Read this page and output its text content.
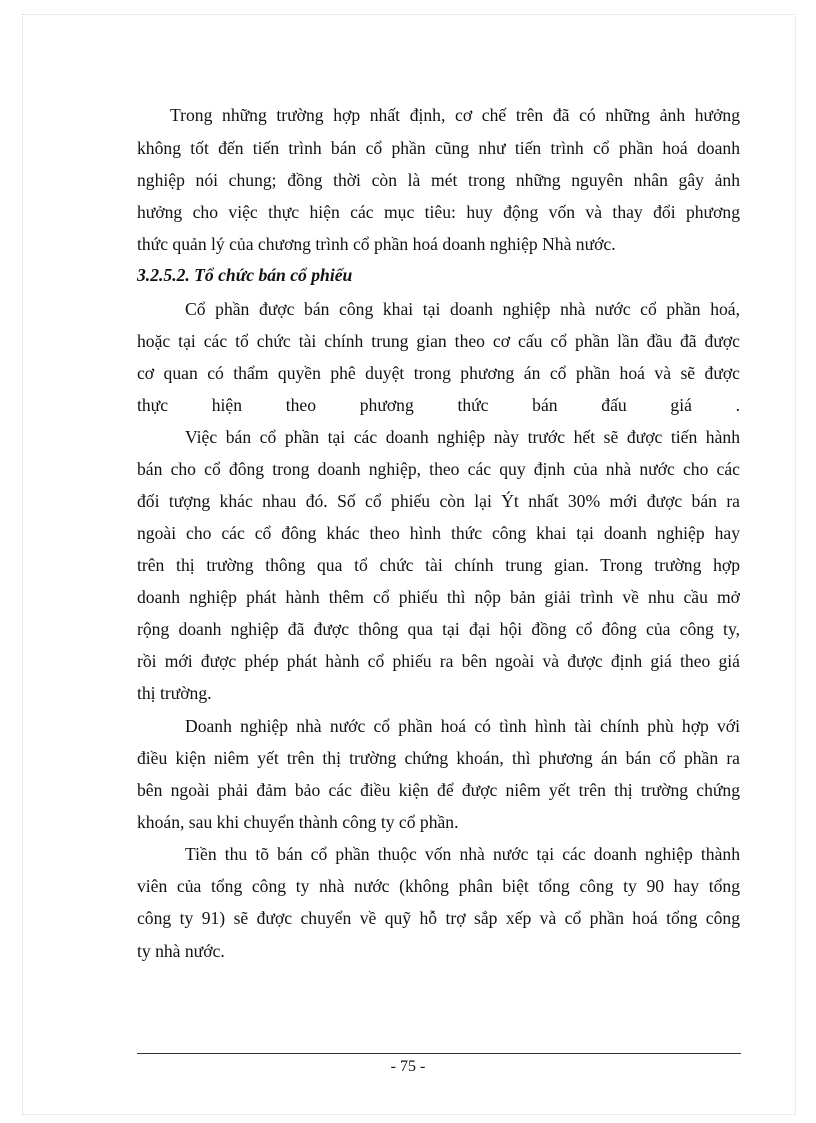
Trong những trường hợp nhất định, cơ chế trên đã có những ảnh hưởng
không tốt đến tiến trình bán cổ phần cũng như tiến trình cổ phần hoá doanh
nghiệp nói chung; đồng thời còn là mét trong những nguyên nhân gây ảnh
hưởng cho việc thực hiện các mục tiêu: huy động vốn và thay đổi phương
thức quản lý của chương trình cổ phần hoá doanh nghiệp Nhà nước.
3.2.5.2. Tổ chức bán cổ phiếu
Cổ phần được bán công khai tại doanh nghiệp nhà nước cổ phần hoá,
hoặc tại các tổ chức tài chính trung gian theo cơ cấu cổ phần lần đầu đã được
cơ quan có thẩm quyền phê duyệt trong phương án cổ phần hoá và sẽ được
thực hiện theo phương thức bán đấu giá .
Việc bán cổ phần tại các doanh nghiệp này trước hết sẽ được tiến hành
bán cho cổ đông trong doanh nghiệp, theo các quy định của nhà nước cho các
đối tượng khác nhau đó. Số cổ phiếu còn lại Ýt nhất 30% mới được bán ra
ngoài cho các cổ đông khác theo hình thức công khai tại doanh nghiệp hay
trên thị trường thông qua tổ chức tài chính trung gian. Trong trường hợp
doanh nghiệp phát hành thêm cổ phiếu thì nộp bản giải trình về nhu cầu mở
rộng doanh nghiệp đã được thông qua tại đại hội đồng cổ đông của công ty,
rồi mới được phép phát hành cổ phiếu ra bên ngoài và được định giá theo giá
thị trường.
Doanh nghiệp nhà nước cổ phần hoá có tình hình tài chính phù hợp với
điều kiện niêm yết trên thị trường chứng khoán, thì phương án bán cổ phần ra
bên ngoài phải đảm bảo các điều kiện để được niêm yết trên thị trường chứng
khoán, sau khi chuyển thành công ty cổ phần.
Tiền thu tõ bán cổ phần thuộc vốn nhà nước tại các doanh nghiệp thành
viên của tổng công ty nhà nước (không phân biệt tổng công ty 90 hay tổng
công ty 91) sẽ được chuyển về quỹ hỗ trợ sắp xếp và cổ phần hoá tổng công
ty nhà nước.
- 75 -
